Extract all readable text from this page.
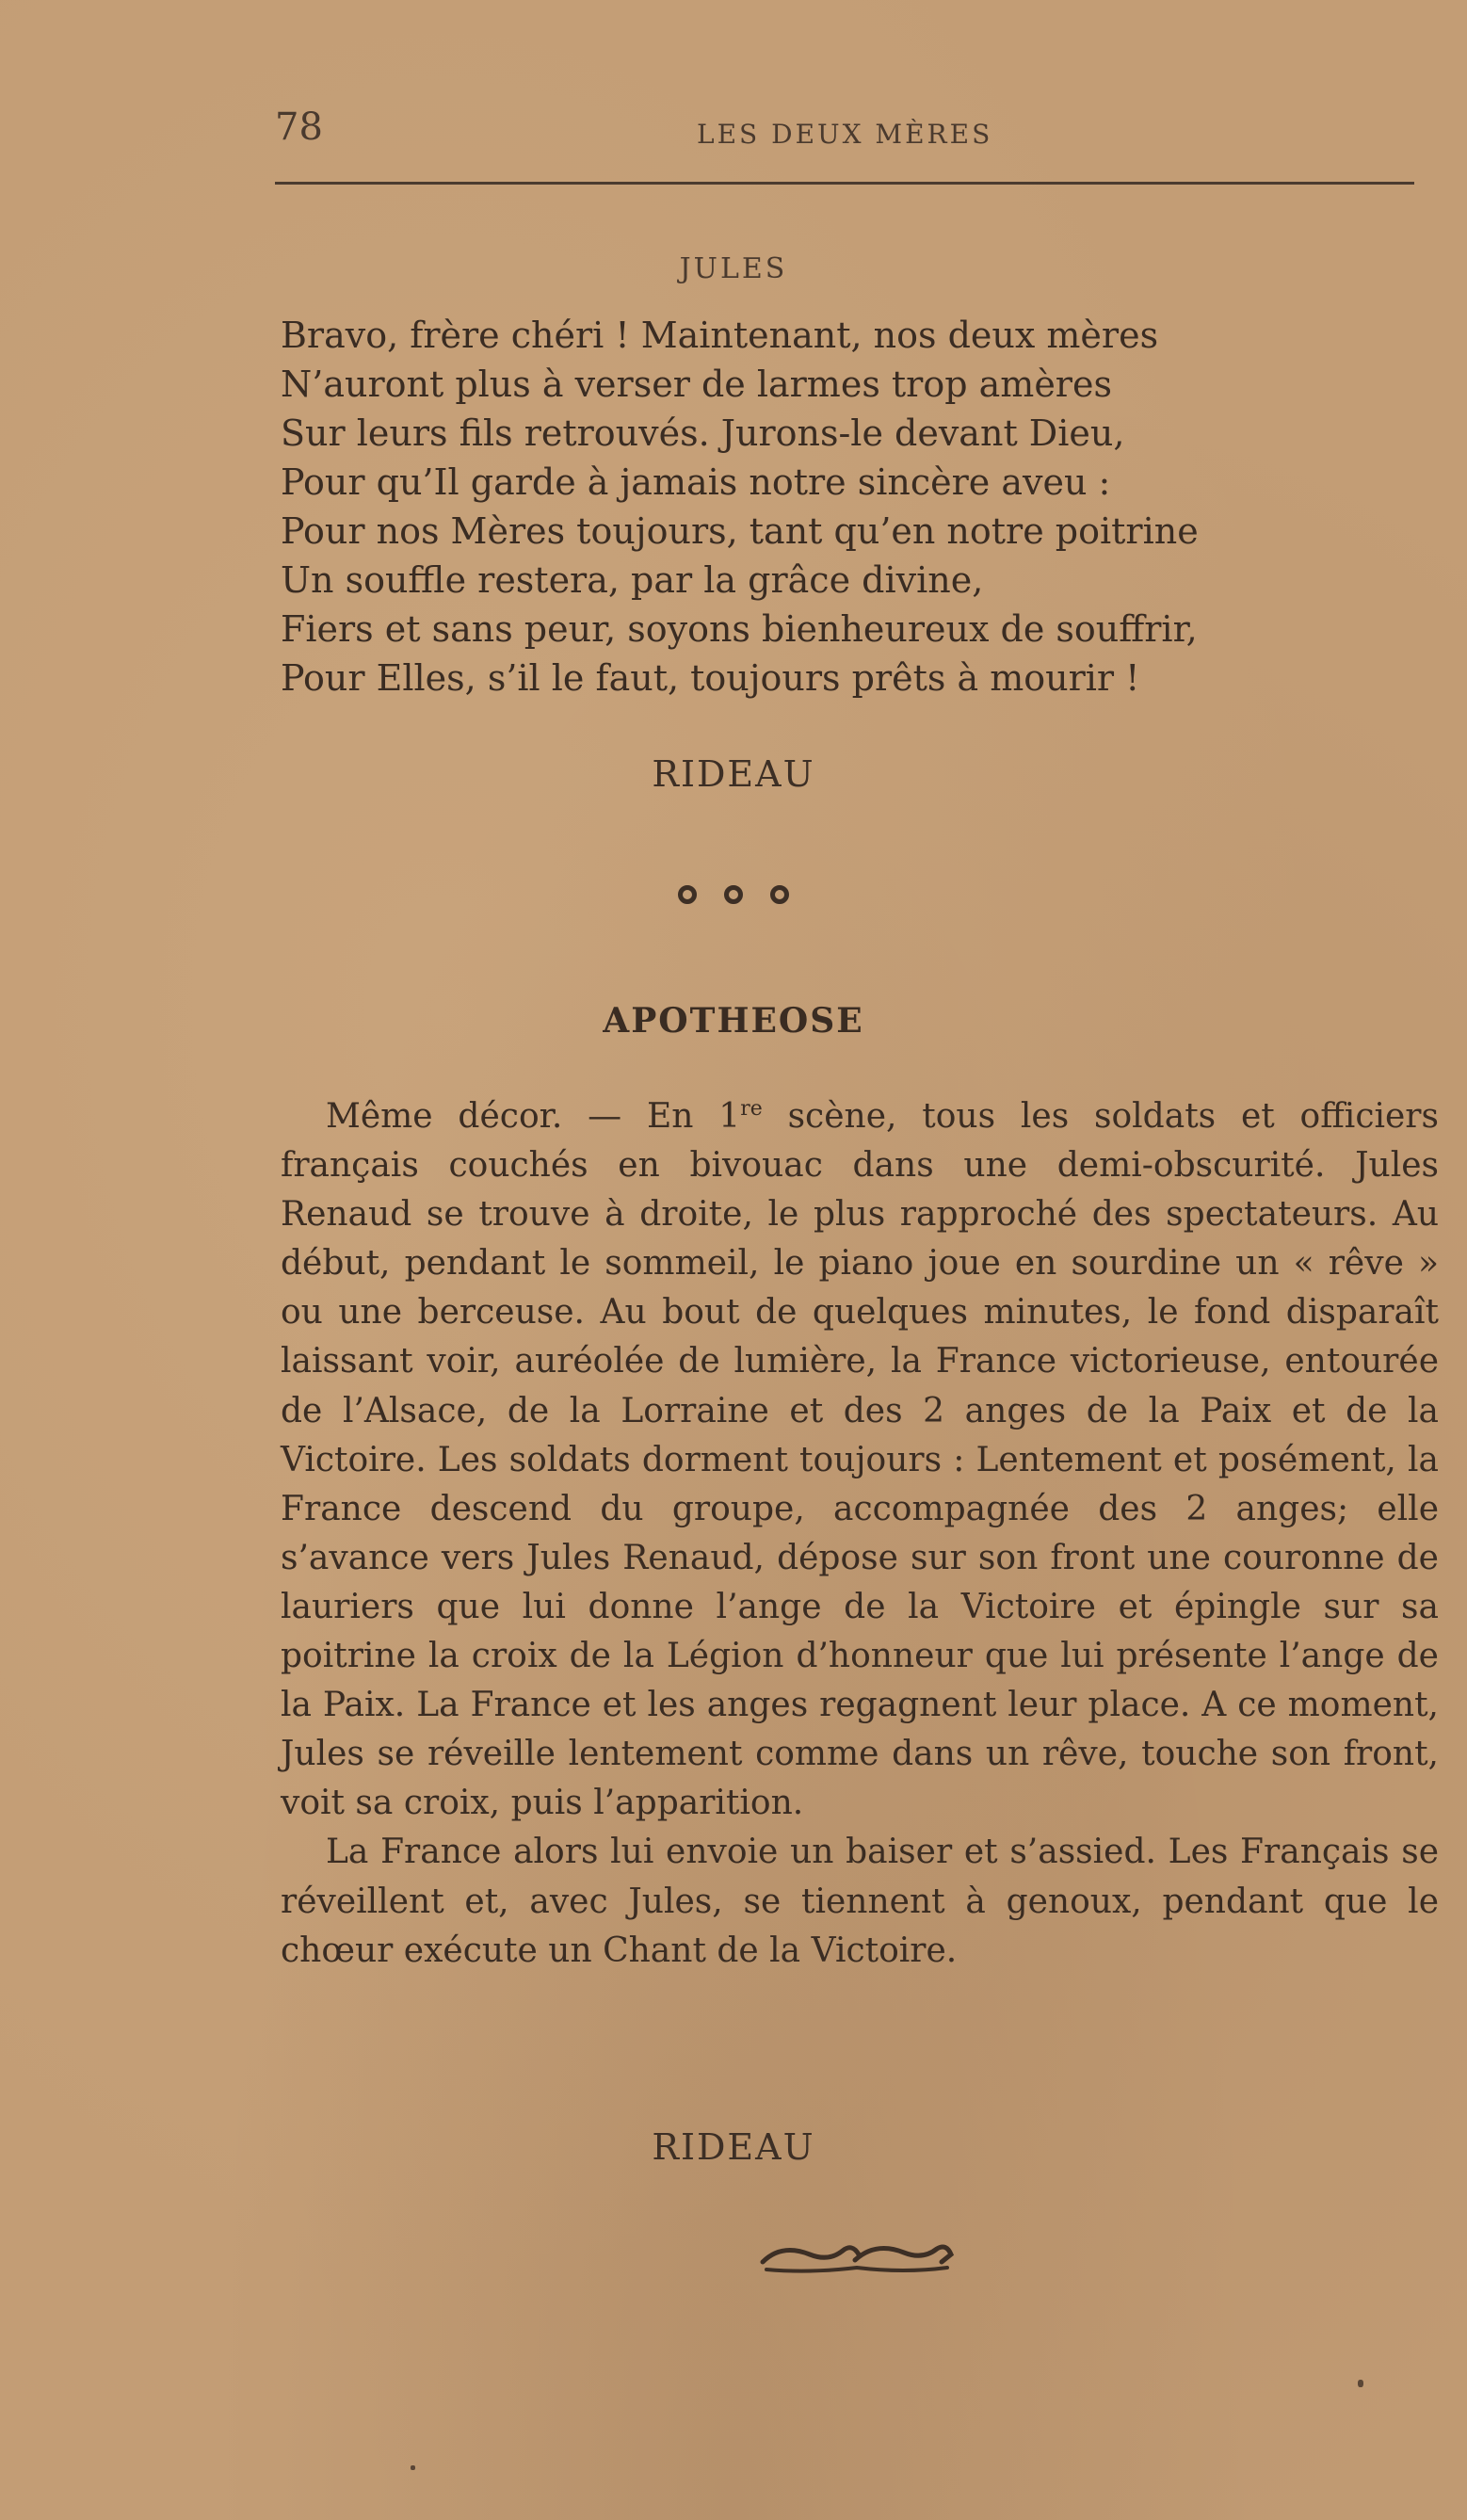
78	LES DEUX MÈRES
JULES
Bravo, frère chéri ! Maintenant, nos deux mères
N’auront plus à verser de larmes trop amères
Sur leurs fils retrouvés. Jurons-le devant Dieu,
Pour qu’Il garde à jamais notre sincère aveu :
Pour nos Mères toujours, tant qu’en notre poitrine
Un souffle restera, par la grâce divine,
Fiers et sans peur, soyons bienheureux de souffrir,
Pour Elles, s’il le faut, toujours prêts à mourir !
RIDEAU

APOTHEOSE

Même décor. — En 1re scène, tous les soldats et officiers français couchés en bivouac dans une demi-obscurité. Jules Renaud se trouve à droite, le plus rapproché des spectateurs. Au début, pendant le sommeil, le piano joue en sourdine un « rêve » ou une berceuse. Au bout de quelques minutes, le fond disparaît laissant voir, auréolée de lumière, la France victorieuse, entourée de l’Alsace, de la Lorraine et des 2 anges de la Paix et de la Victoire. Les soldats dorment toujours : Lentement et posément, la France descend du groupe, accompagnée des 2 anges; elle s’avance vers Jules Renaud, dépose sur son front une couronne de lauriers que lui donne l’ange de la Victoire et épingle sur sa poitrine la croix de la Légion d’honneur que lui présente l’ange de la Paix. La France et les anges regagnent leur place. A ce moment, Jules se réveille lentement comme dans un rêve, touche son front, voit sa croix, puis l’apparition.

La France alors lui envoie un baiser et s’assied. Les Français se réveillent et, avec Jules, se tiennent à genoux, pendant que le chœur exécute un Chant de la Victoire.

RIDEAU
